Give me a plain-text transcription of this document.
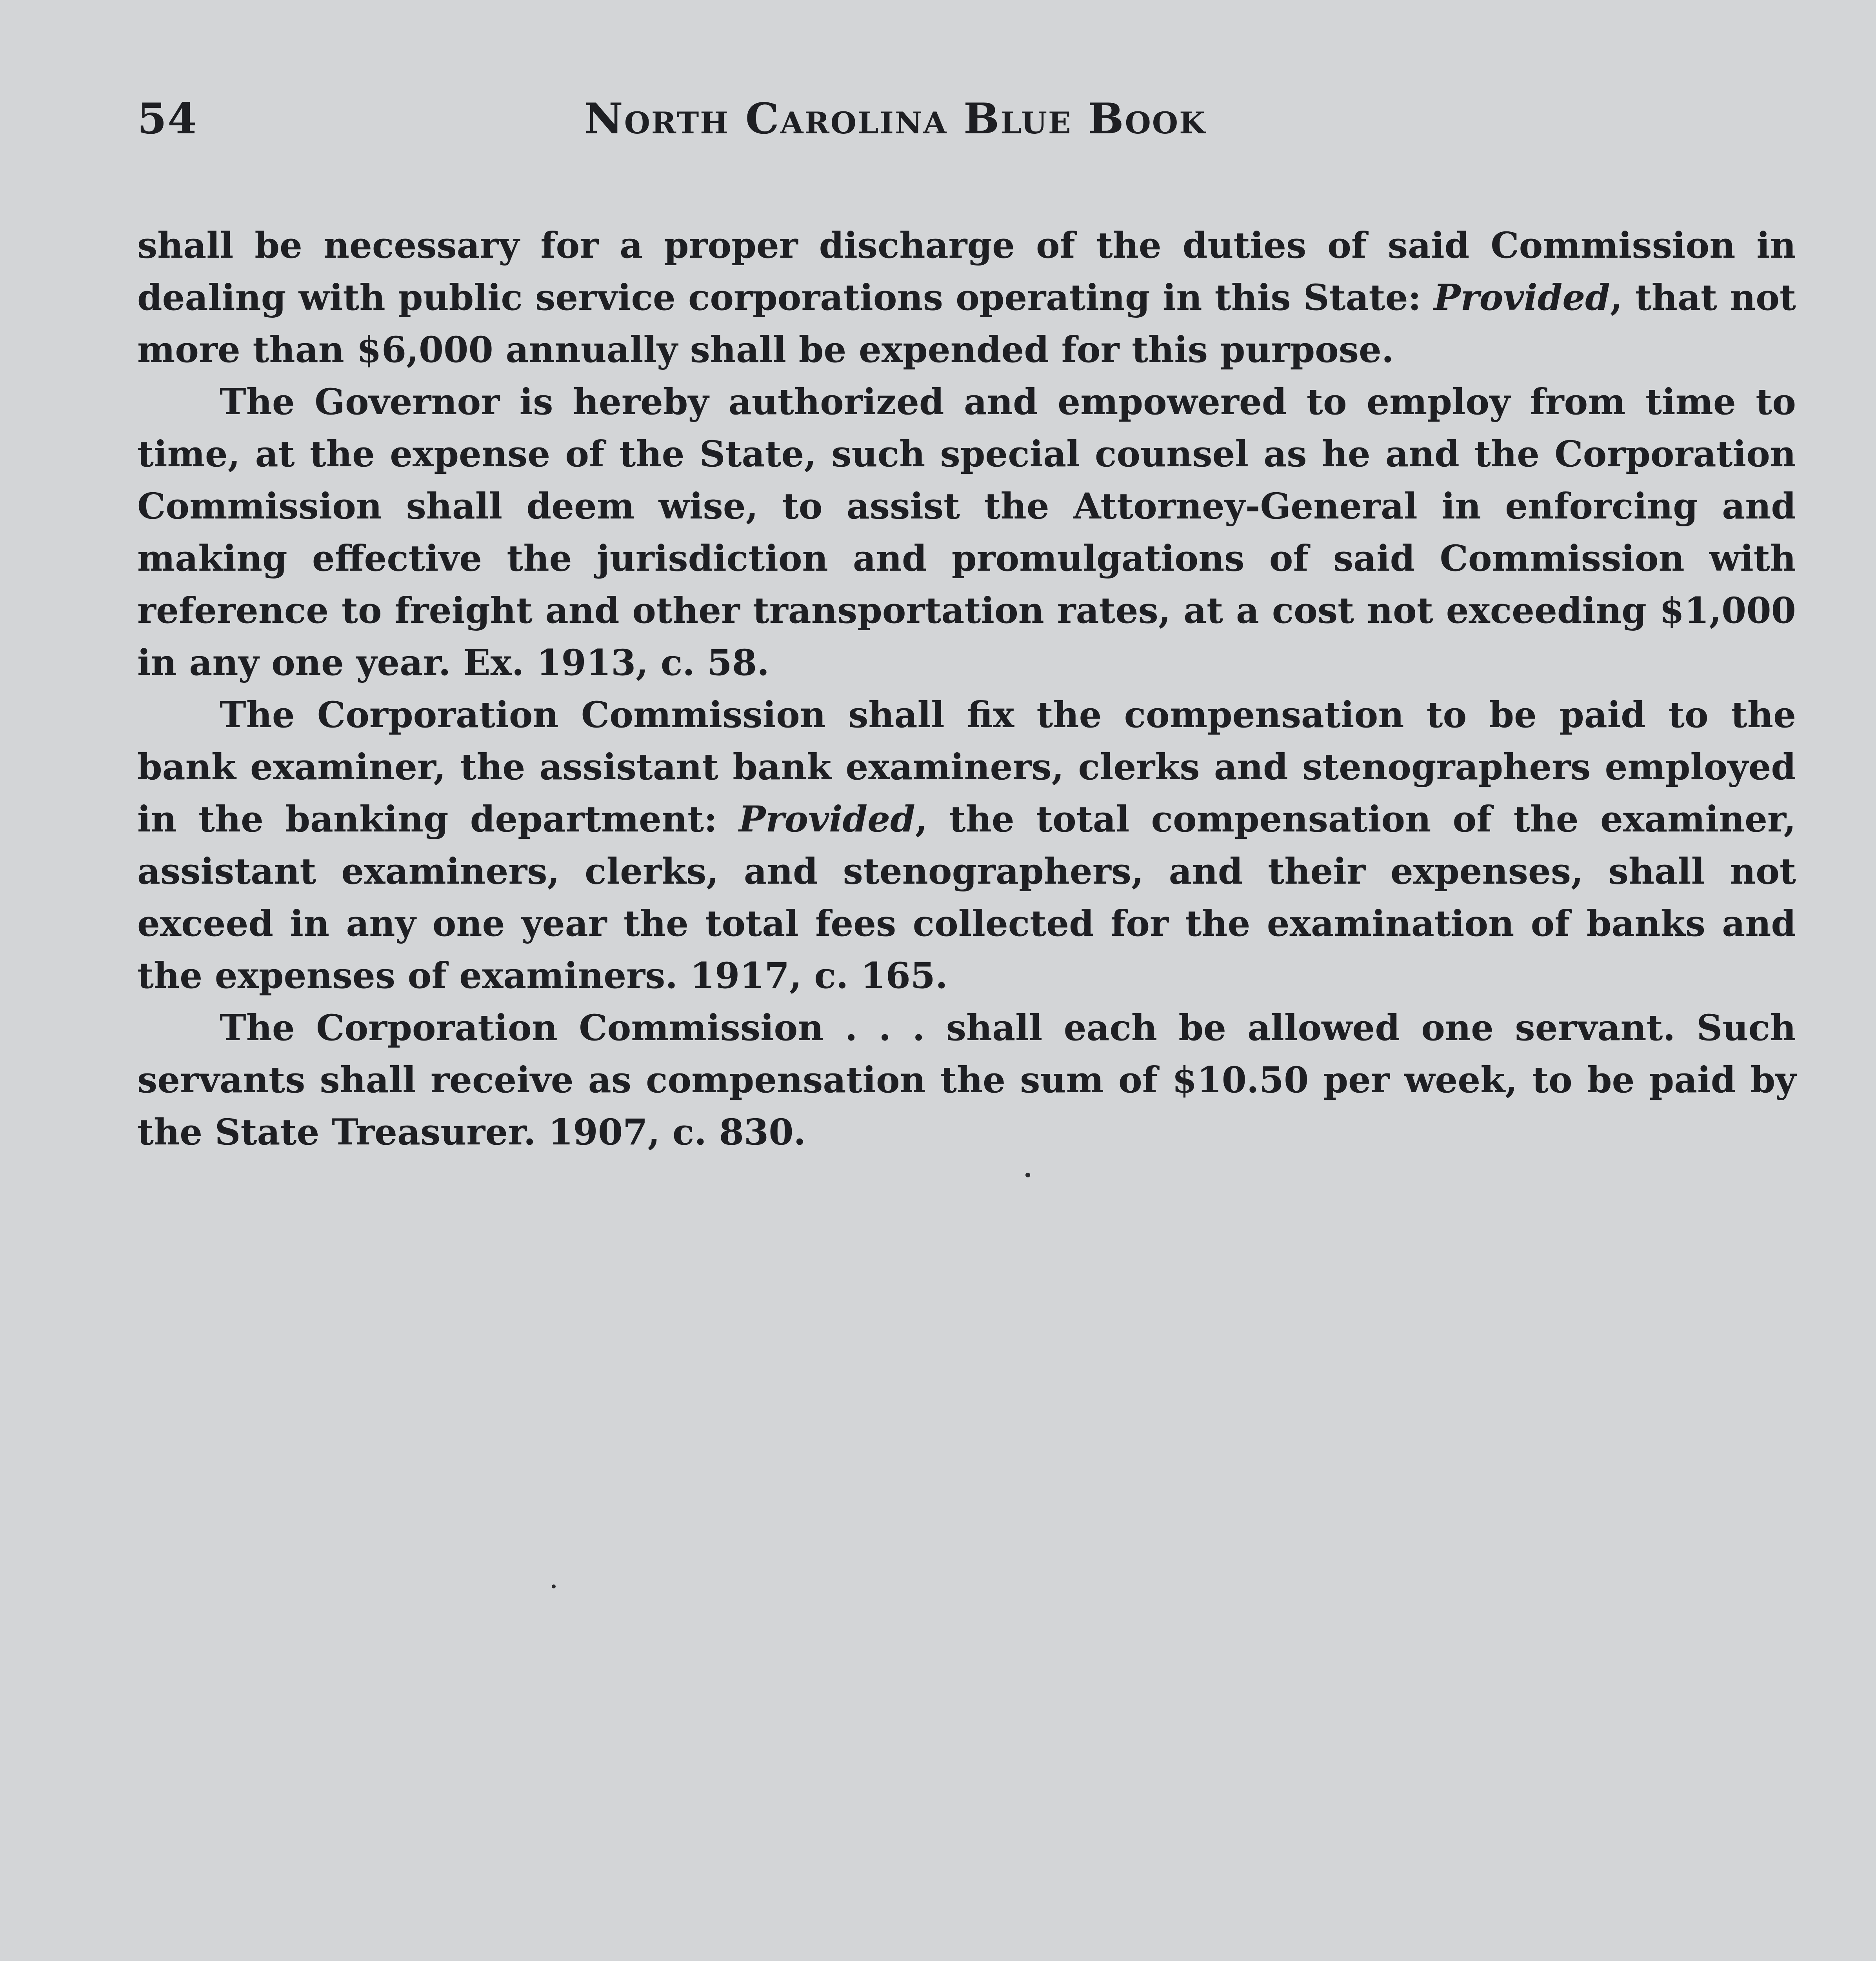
54	North Carolina Blue Book

shall be necessary for a proper discharge of the duties of said Commission in dealing with public service corporations operating in this State: Provided, that not more than $6,000 annually shall be expended for this purpose.

The Governor is hereby authorized and empowered to employ from time to time, at the expense of the State, such special counsel as he and the Corporation Commission shall deem wise, to assist the Attorney-General in enforcing and making effective the jurisdiction and promulgations of said Commission with reference to freight and other transportation rates, at a cost not exceeding $1,000 in any one year. Ex. 1913, c. 58.

The Corporation Commission shall fix the compensation to be paid to the bank examiner, the assistant bank examiners, clerks and stenographers employed in the banking department: Provided, the total compensation of the examiner, assistant examiners, clerks, and stenographers, and their expenses, shall not exceed in any one year the total fees collected for the examination of banks and the expenses of examiners. 1917, c. 165.

The Corporation Commission . . . shall each be allowed one servant. Such servants shall receive as compensation the sum of $10.50 per week, to be paid by the State Treasurer. 1907, c. 830.
